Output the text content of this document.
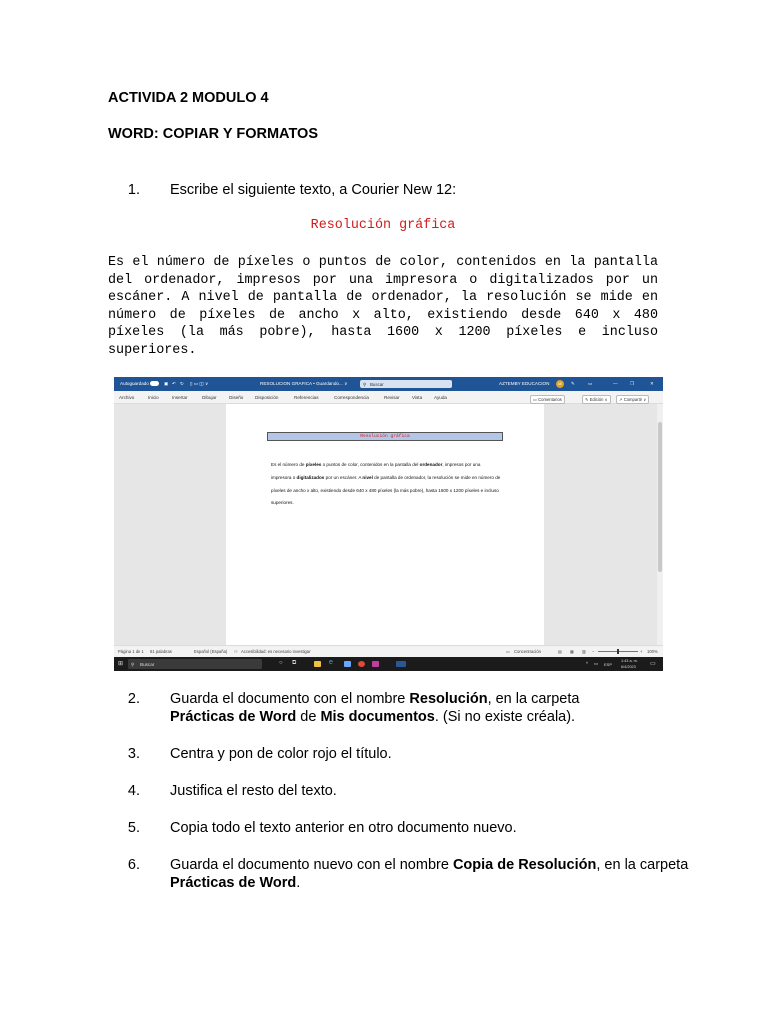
ACTIVIDA 2 MODULO 4
WORD: COPIAR Y FORMATOS
1. Escribe el siguiente texto, a Courier New 12:
Resolución gráfica
Es el número de píxeles o puntos de color, contenidos en la pantalla del ordenador, impresos por una impresora o digitalizados por un escáner. A nivel de pantalla de ordenador, la resolución se mide en número de píxeles de ancho x alto, existiendo desde 640 x 480 píxeles (la más pobre), hasta 1600 x 1200 píxeles e incluso superiores.
Autoguardado	▣ ↶ ↻ ▯ ▭ ◫ ∨	RESOLUCION GRAFICA • Guardando... ∨	⚲ Buscar	AZTEMBY EDUCACION	AE	✎	▭	—	❐	✕
Archivo	Inicio	Insertar	Dibujar	Diseño	Disposición	Referencias	Correspondencia	Revisar	Vista	Ayuda	▭ Comentarios	✎ Edición ∨	↗ Compartir ∨
Resolución gráfica
Es el número de píxeles o puntos de color, contenidos en la pantalla del ordenador, impresos por una impresora o digitalizados por un escáner. A nivel de pantalla de ordenador, la resolución se mide en número de píxeles de ancho x alto, existiendo desde 640 x 480 píxeles (la más pobre), hasta 1600 x 1200 píxeles e incluso superiores.
Página 1 de 1 61 palabras	Español (España) ⚇ Accesibilidad: es necesario investigar	▭ Concentración	▤ ▦ ▥ −	+ 100%
⊞ ⚲ Buscar	○ ⧉	e	^ ▭ ESP
1:43 a. m.
6/4/2023 ▭
2. Guarda el documento con el nombre Resolución, en la carpeta
Prácticas de Word de Mis documentos. (Si no existe créala).
3. Centra y pon de color rojo el título.
4. Justifica el resto del texto.
5. Copia todo el texto anterior en otro documento nuevo.
6. Guarda el documento nuevo con el nombre Copia de Resolución, en la carpeta
Prácticas de Word.
